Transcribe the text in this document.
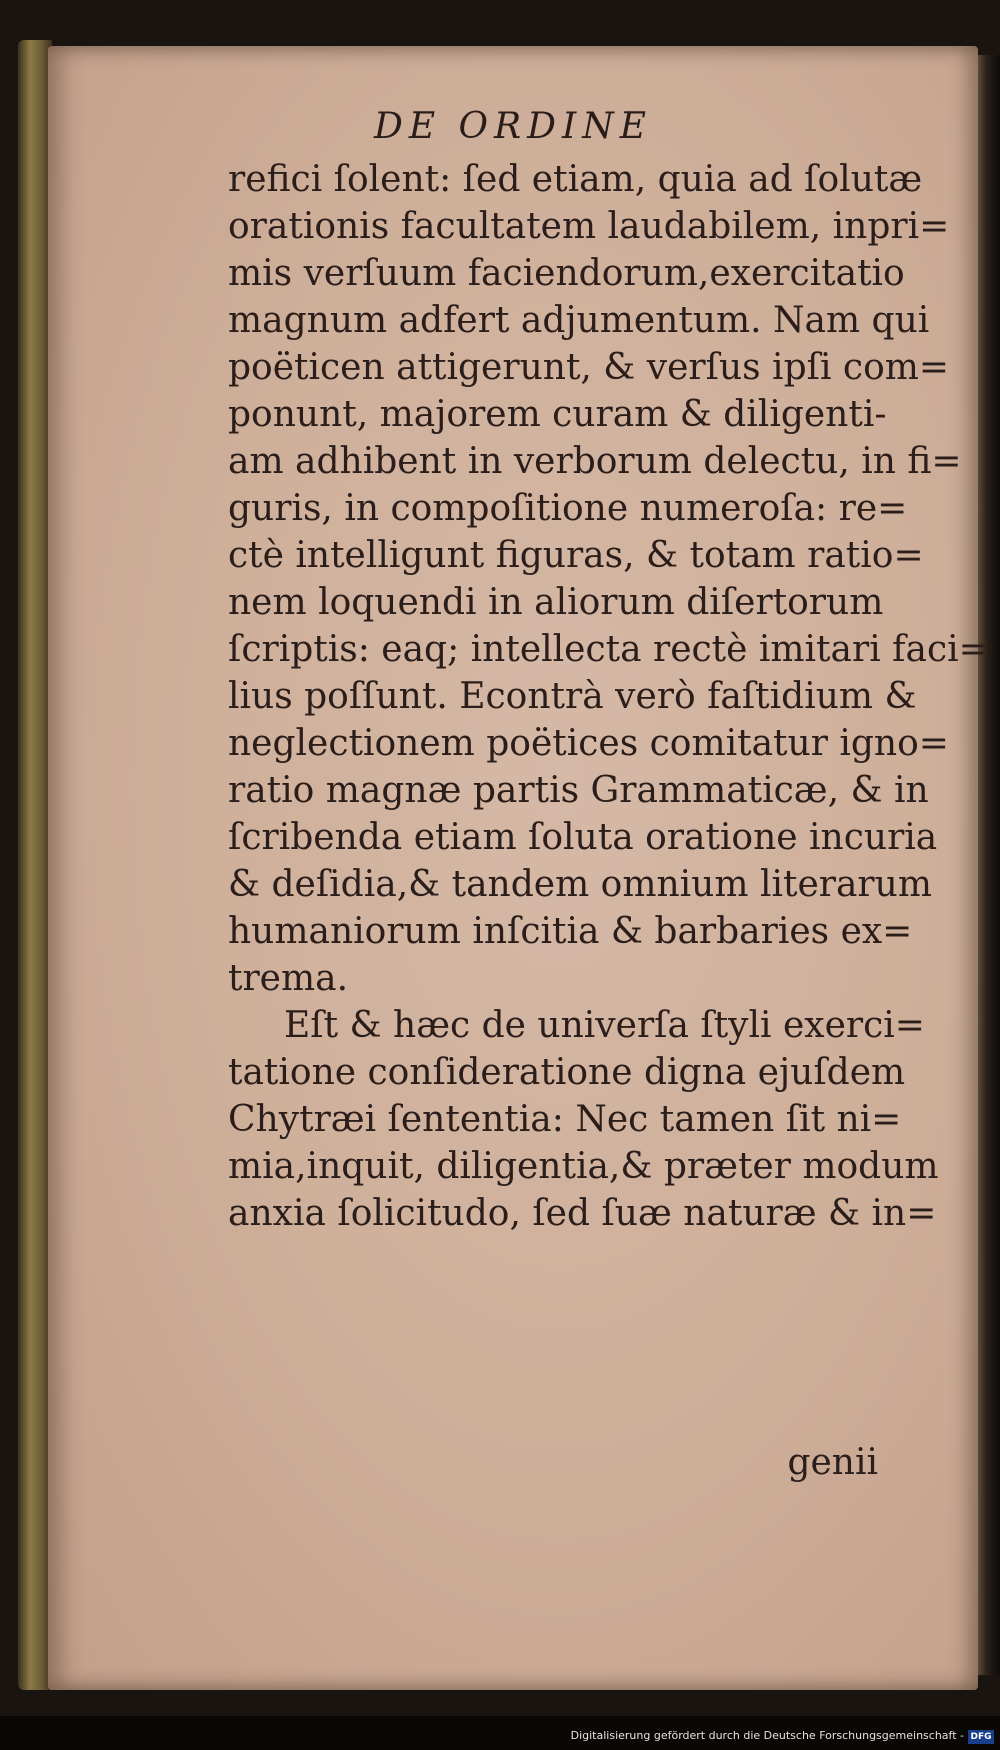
DE ORDINE
refici ſolent: ſed etiam, quia ad ſolutæ
orationis facultatem laudabilem, inpri=
mis verſuum faciendorum,exercitatio
magnum adfert adjumentum. Nam qui
poëticen attigerunt, & verſus ipſi com=
ponunt, majorem curam & diligenti-
am adhibent in verborum delectu, in fi=
guris, in compoſitione numeroſa: re=
ctè intelligunt figuras, & totam ratio=
nem loquendi in aliorum diſertorum
ſcriptis: eaq; intellecta rectè imitari faci=
lius poſſunt. Econtrà verò faſtidium &
neglectionem poëtices comitatur igno=
ratio magnæ partis Grammaticæ, & in
ſcribenda etiam ſoluta oratione incuria
& deſidia,& tandem omnium literarum
humaniorum inſcitia & barbaries ex=
trema.
Eſt & hæc de univerſa ſtyli exerci=
tatione conſideratione digna ejuſdem
Chytræi ſententia: Nec tamen ſit ni=
mia,inquit, diligentia,& præter modum
anxia ſolicitudo, ſed ſuæ naturæ & in=
genii
Digitalisierung gefördert durch die Deutsche Forschungsgemeinschaft - DFG
